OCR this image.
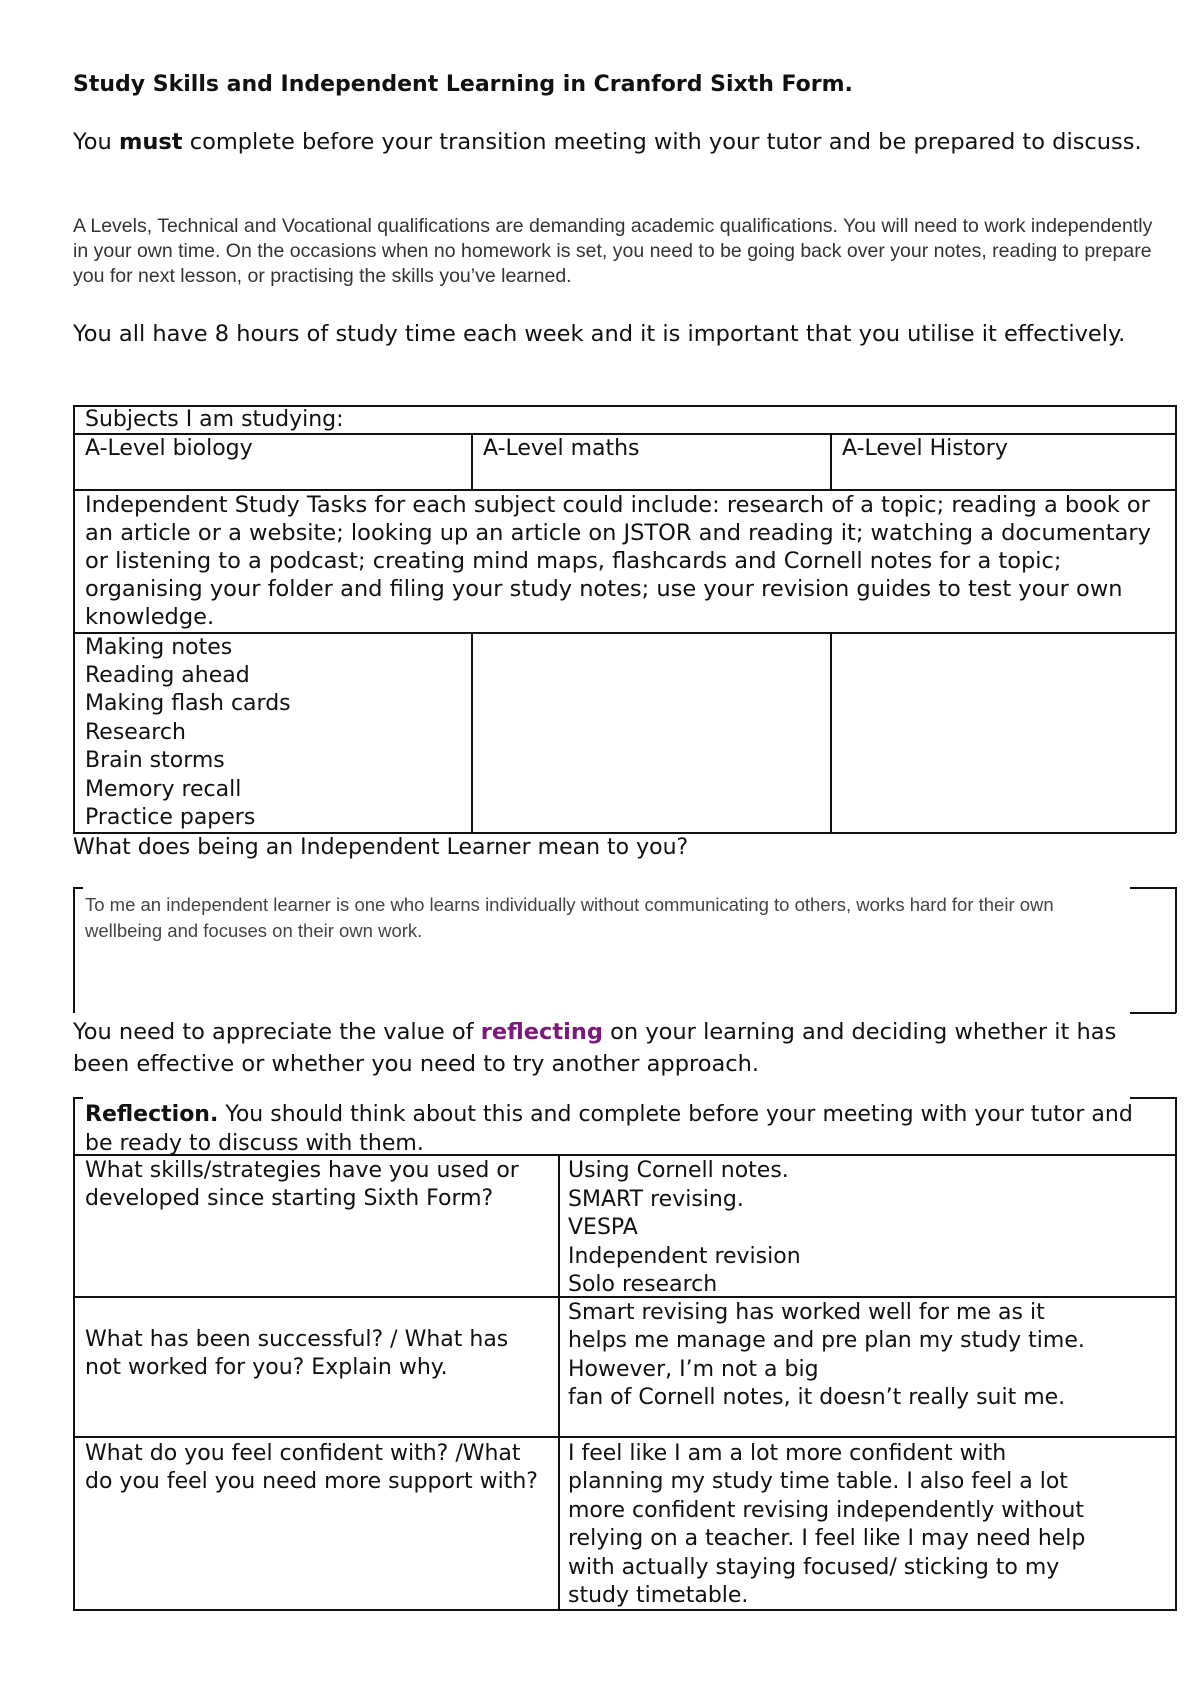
Study Skills and Independent Learning in Cranford Sixth Form.
You must complete before your transition meeting with your tutor and be prepared to discuss.
A Levels, Technical and Vocational qualifications are demanding academic qualifications. You will need to work independently in your own time. On the occasions when no homework is set, you need to be going back over your notes, reading to prepare you for next lesson, or practising the skills you’ve learned.
You all have 8 hours of study time each week and it is important that you utilise it effectively.
Subjects I am studying:
A-Level biology	A-Level maths	A-Level History
Independent Study Tasks for each subject could include: research of a topic; reading a book or an article or a website; looking up an article on JSTOR and reading it; watching a documentary or listening to a podcast; creating mind maps, flashcards and Cornell notes for a topic; organising your folder and filing your study notes; use your revision guides to test your own knowledge.
Making notes
Reading ahead
Making flash cards
Research
Brain storms
Memory recall
Practice papers
What does being an Independent Learner mean to you?
To me an independent learner is one who learns individually without communicating to others, works hard for their own wellbeing and focuses on their own work.
You need to appreciate the value of reflecting on your learning and deciding whether it has been effective or whether you need to try another approach.
Reflection. You should think about this and complete before your meeting with your tutor and be ready to discuss with them.
What skills/strategies have you used or developed since starting Sixth Form?
Using Cornell notes.
SMART revising.
VESPA
Independent revision
Solo research
What has been successful? / What has not worked for you? Explain why.
Smart revising has worked well for me as it
helps me manage and pre plan my study time.
However, I’m not a big
fan of Cornell notes, it doesn’t really suit me.
What do you feel confident with? /What do you feel you need more support with?
I feel like I am a lot more confident with
planning my study time table. I also feel a lot
more confident revising independently without
relying on a teacher. I feel like I may need help
with actually staying focused/ sticking to my
study timetable.
